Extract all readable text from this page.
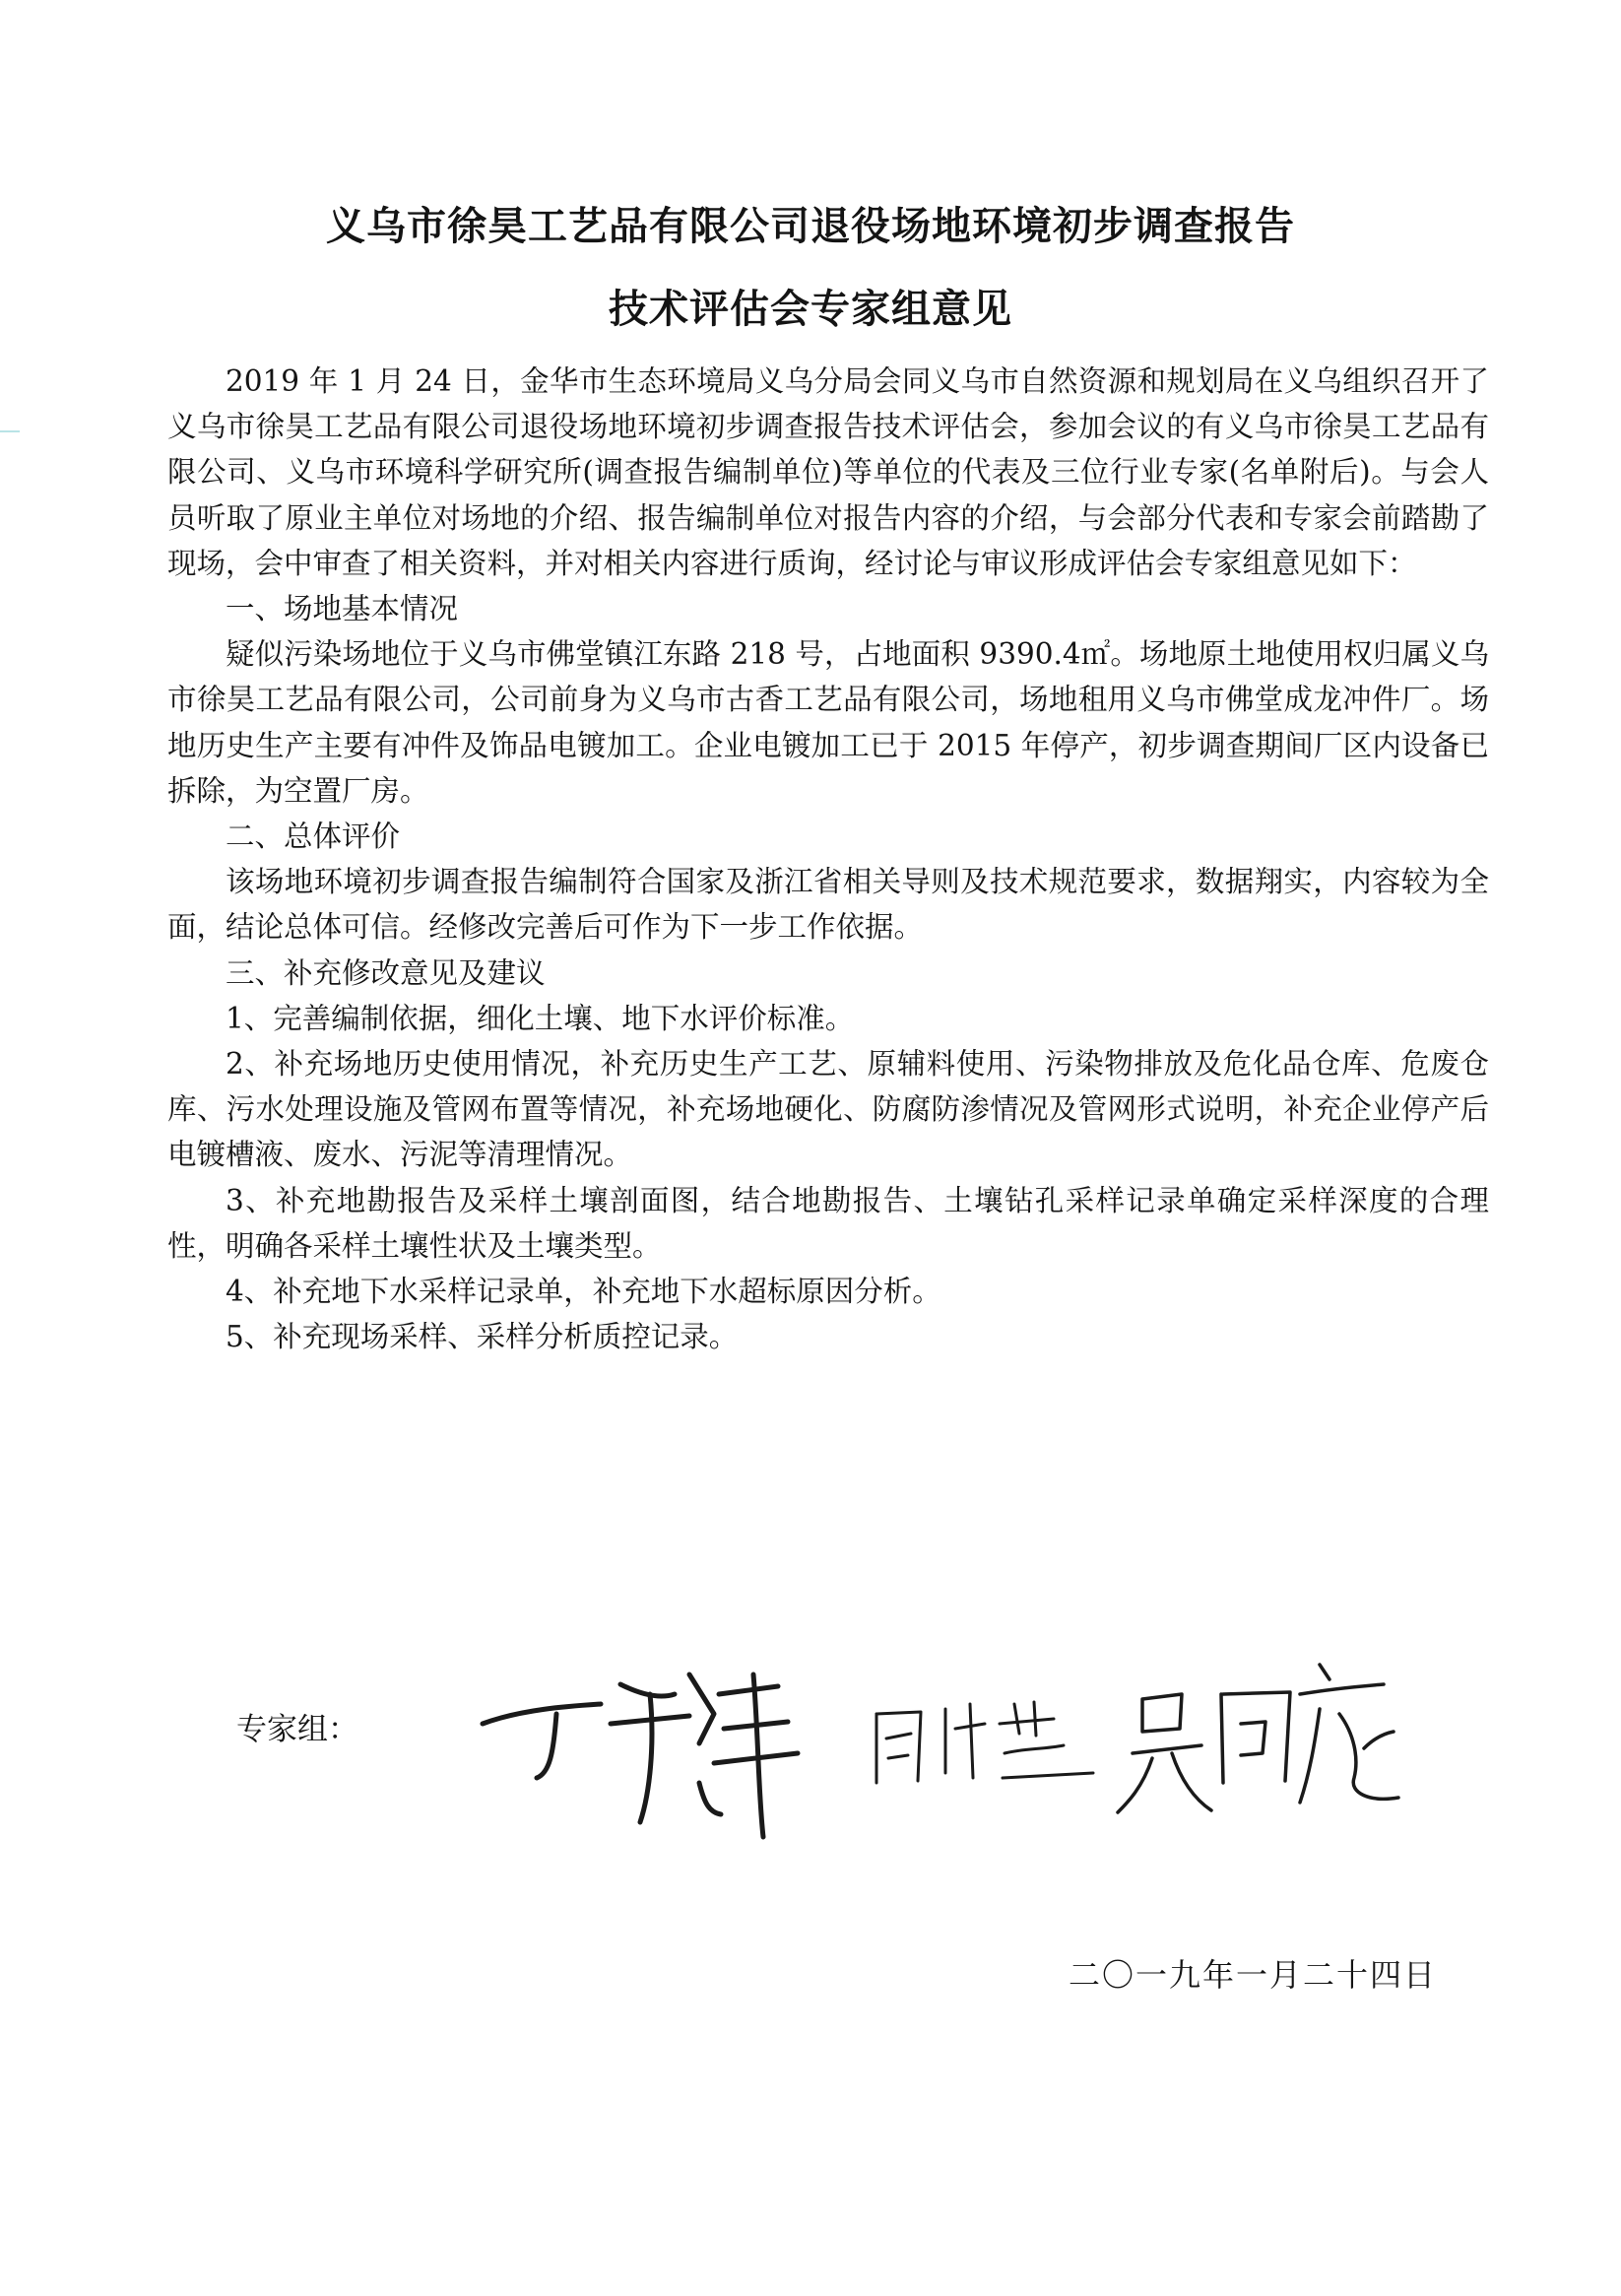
义乌市徐昊工艺品有限公司退役场地环境初步调查报告
技术评估会专家组意见

2019 年 1 月 24 日，金华市生态环境局义乌分局会同义乌市自然资源和规划局在义乌组织召开了义乌市徐昊工艺品有限公司退役场地环境初步调查报告技术评估会，参加会议的有义乌市徐昊工艺品有限公司、义乌市环境科学研究所(调查报告编制单位)等单位的代表及三位行业专家(名单附后)。与会人员听取了原业主单位对场地的介绍、报告编制单位对报告内容的介绍，与会部分代表和专家会前踏勘了现场，会中审查了相关资料，并对相关内容进行质询，经讨论与审议形成评估会专家组意见如下：

一、场地基本情况

疑似污染场地位于义乌市佛堂镇江东路 218 号，占地面积 9390.4㎡。场地原土地使用权归属义乌市徐昊工艺品有限公司，公司前身为义乌市古香工艺品有限公司，场地租用义乌市佛堂成龙冲件厂。场地历史生产主要有冲件及饰品电镀加工。企业电镀加工已于 2015 年停产，初步调查期间厂区内设备已拆除，为空置厂房。

二、总体评价

该场地环境初步调查报告编制符合国家及浙江省相关导则及技术规范要求，数据翔实，内容较为全面，结论总体可信。经修改完善后可作为下一步工作依据。

三、补充修改意见及建议

1、完善编制依据，细化土壤、地下水评价标准。

2、补充场地历史使用情况，补充历史生产工艺、原辅料使用、污染物排放及危化品仓库、危废仓库、污水处理设施及管网布置等情况，补充场地硬化、防腐防渗情况及管网形式说明，补充企业停产后电镀槽液、废水、污泥等清理情况。

3、补充地勘报告及采样土壤剖面图，结合地勘报告、土壤钻孔采样记录单确定采样深度的合理性，明确各采样土壤性状及土壤类型。

4、补充地下水采样记录单，补充地下水超标原因分析。

5、补充现场采样、采样分析质控记录。

专家组：
二〇一九年一月二十四日
